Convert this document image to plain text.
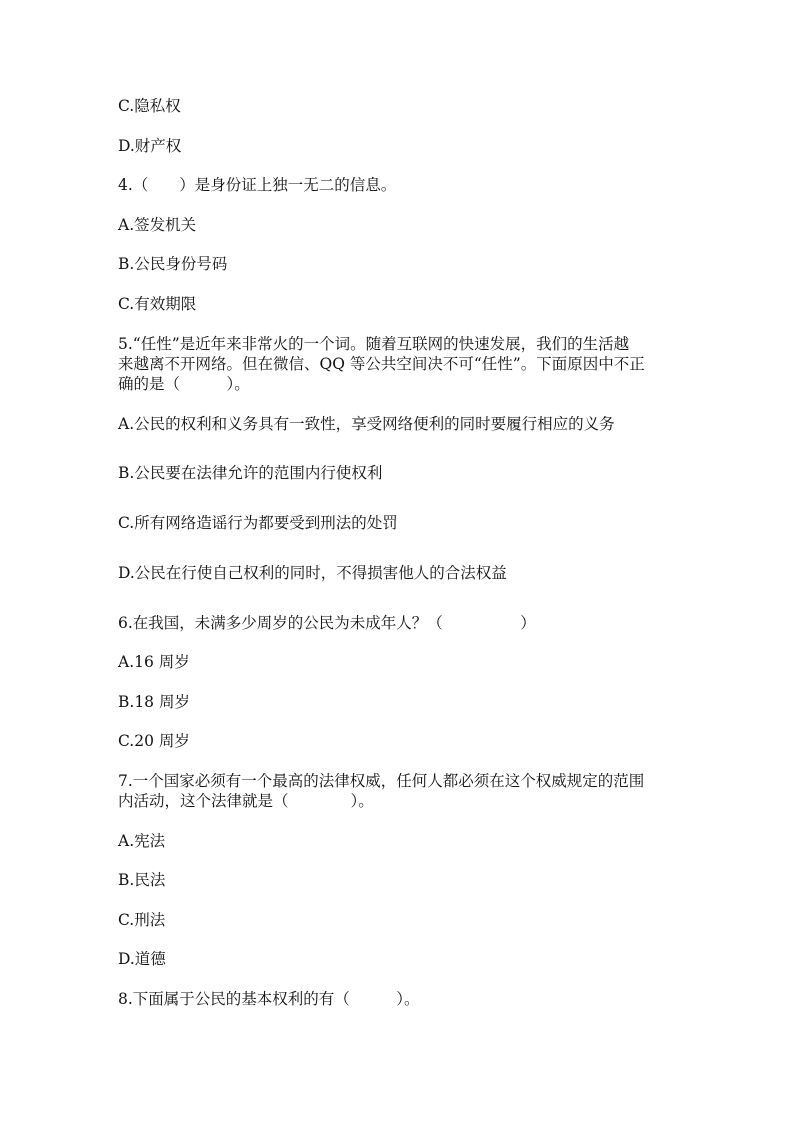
C.隐私权

D.财产权

4.（　　）是身份证上独一无二的信息。

A.签发机关

B.公民身份号码

C.有效期限

5.“任性”是近年来非常火的一个词。随着互联网的快速发展，我们的生活越

来越离不开网络。但在微信、QQ 等公共空间决不可“任性”。下面原因中不正

确的是（　　　）。

A.公民的权利和义务具有一致性，享受网络便利的同时要履行相应的义务

B.公民要在法律允许的范围内行使权利

C.所有网络造谣行为都要受到刑法的处罚

D.公民在行使自己权利的同时，不得损害他人的合法权益

6.在我国，未满多少周岁的公民为未成年人？（　　　　　）

A.16 周岁

B.18 周岁

C.20 周岁

7.一个国家必须有一个最高的法律权威，任何人都必须在这个权威规定的范围

内活动，这个法律就是（　　　　）。

A.宪法

B.民法

C.刑法

D.道德

8.下面属于公民的基本权利的有（　　　）。
